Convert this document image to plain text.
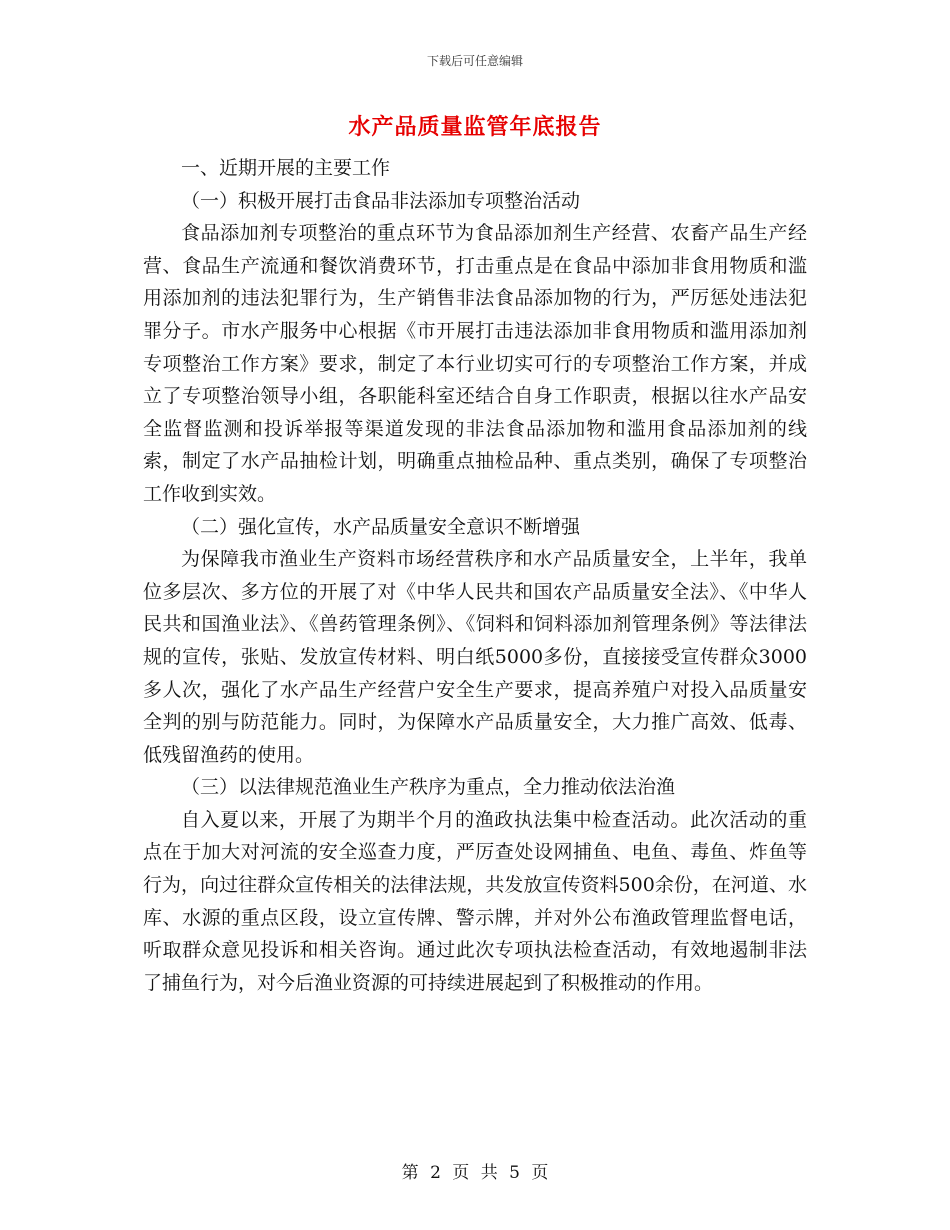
下载后可任意编辑
水产品质量监管年底报告

一、近期开展的主要工作

（一）积极开展打击食品非法添加专项整治活动

食品添加剂专项整治的重点环节为食品添加剂生产经营、农畜产品生产经营、食品生产流通和餐饮消费环节，打击重点是在食品中添加非食用物质和滥用添加剂的违法犯罪行为，生产销售非法食品添加物的行为，严厉惩处违法犯罪分子。市水产服务中心根据《市开展打击违法添加非食用物质和滥用添加剂专项整治工作方案》要求，制定了本行业切实可行的专项整治工作方案，并成立了专项整治领导小组，各职能科室还结合自身工作职责，根据以往水产品安全监督监测和投诉举报等渠道发现的非法食品添加物和滥用食品添加剂的线索，制定了水产品抽检计划，明确重点抽检品种、重点类别，确保了专项整治工作收到实效。

（二）强化宣传，水产品质量安全意识不断增强

为保障我市渔业生产资料市场经营秩序和水产品质量安全，上半年，我单位多层次、多方位的开展了对《中华人民共和国农产品质量安全法》、《中华人民共和国渔业法》、《兽药管理条例》、《饲料和饲料添加剂管理条例》等法律法规的宣传，张贴、发放宣传材料、明白纸5000多份，直接接受宣传群众3000多人次，强化了水产品生产经营户安全生产要求，提高养殖户对投入品质量安全判的别与防范能力。同时，为保障水产品质量安全，大力推广高效、低毒、低残留渔药的使用。

（三）以法律规范渔业生产秩序为重点，全力推动依法治渔

自入夏以来，开展了为期半个月的渔政执法集中检查活动。此次活动的重点在于加大对河流的安全巡查力度，严厉查处设网捕鱼、电鱼、毒鱼、炸鱼等行为，向过往群众宣传相关的法律法规，共发放宣传资料500余份，在河道、水库、水源的重点区段，设立宣传牌、警示牌，并对外公布渔政管理监督电话，听取群众意见投诉和相关咨询。通过此次专项执法检查活动，有效地遏制非法了捕鱼行为，对今后渔业资源的可持续进展起到了积极推动的作用。

第 2 页 共 5 页
